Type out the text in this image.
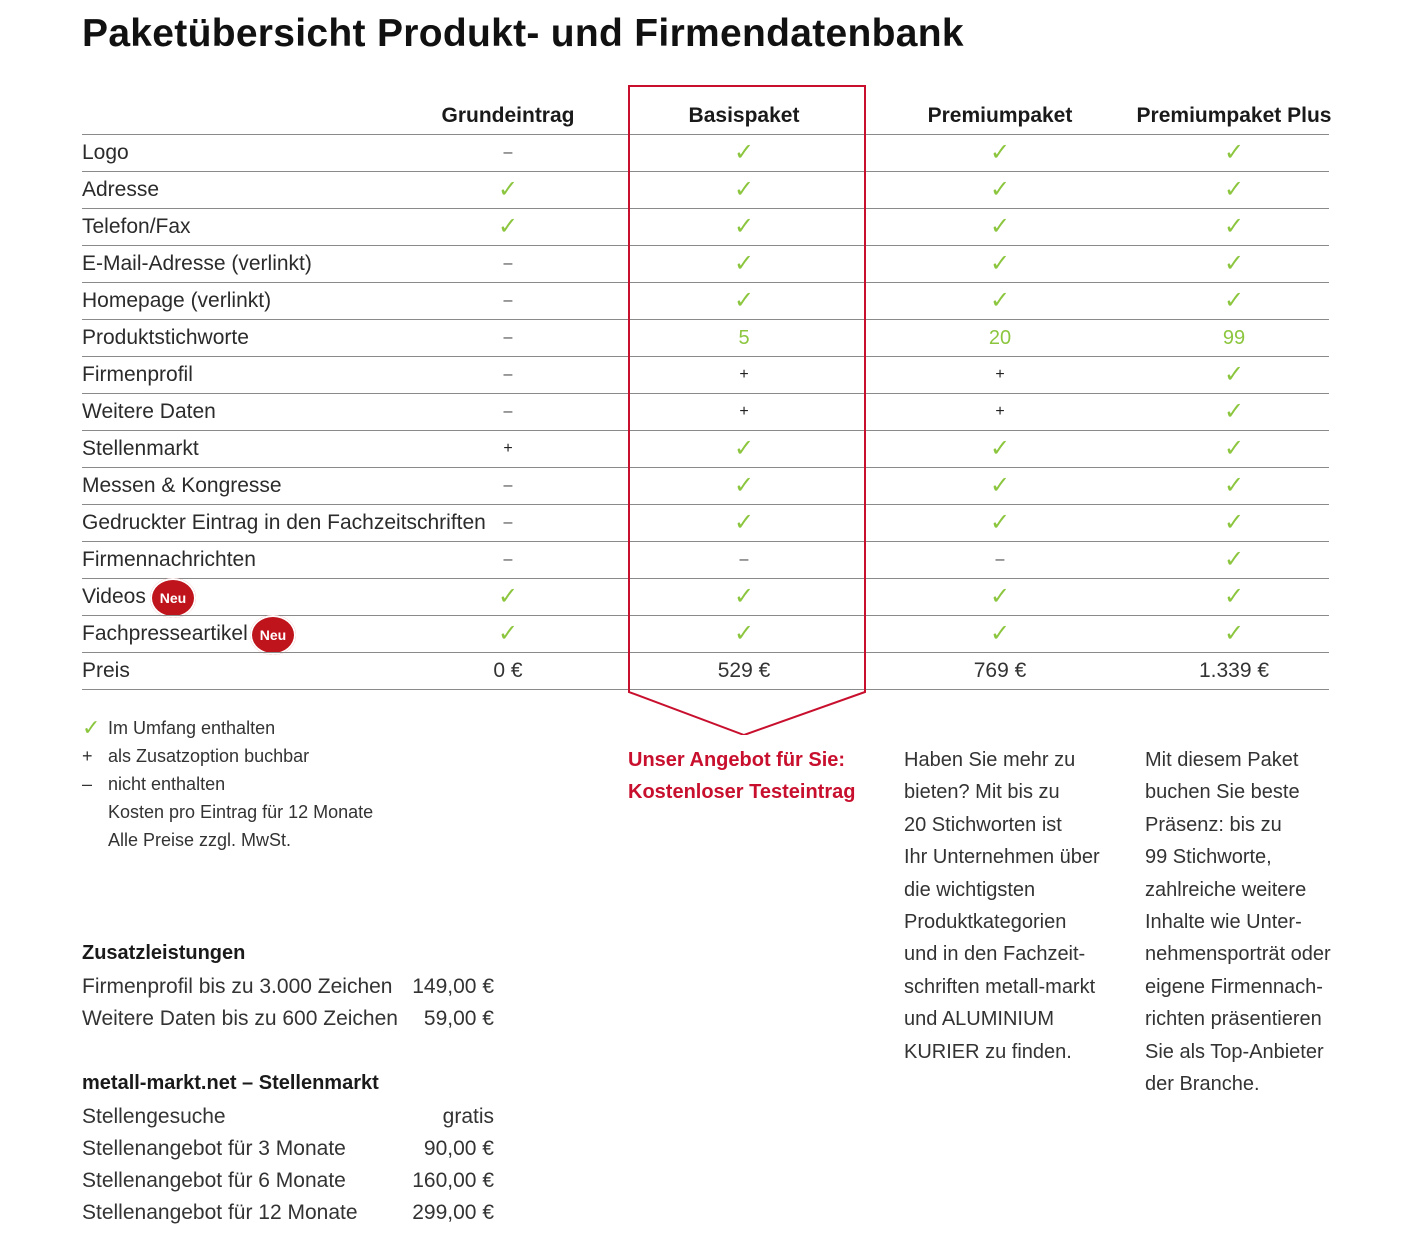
Paketübersicht Produkt- und Firmendatenbank
Grundeintrag	Basispaket	Premiumpaket	Premiumpaket Plus
Logo	–	✓	✓	✓
Adresse	✓	✓	✓	✓
Telefon/Fax	✓	✓	✓	✓
E-Mail-Adresse (verlinkt)	–	✓	✓	✓
Homepage (verlinkt)	–	✓	✓	✓
Produktstichworte	–	5	20	99
Firmenprofil	–	+	+	✓
Weitere Daten	–	+	+	✓
Stellenmarkt	+	✓	✓	✓
Messen & Kongresse	–	✓	✓	✓
Gedruckter Eintrag in den Fachzeitschriften	–	✓	✓	✓
Firmennachrichten	–	–	–	✓
Videos Neu	✓	✓	✓	✓
Fachpresseartikel Neu	✓	✓	✓	✓
Preis	0 €	529 €	769 €	1.339 €
✓ Im Umfang enthalten
+ als Zusatzoption buchbar
– nicht enthalten
Kosten pro Eintrag für 12 Monate
Alle Preise zzgl. MwSt.
Unser Angebot für Sie:
Kostenloser Testeintrag
Haben Sie mehr zu
bieten? Mit bis zu
20 Stichworten ist
Ihr Unternehmen über
die wichtigsten
Produktkategorien
und in den Fachzeit-
schriften metall-markt
und ALUMINIUM
KURIER zu finden.
Mit diesem Paket
buchen Sie beste
Präsenz: bis zu
99 Stichworte,
zahlreiche weitere
Inhalte wie Unter-
nehmensporträt oder
eigene Firmennach-
richten präsentieren
Sie als Top-Anbieter
der Branche.
Zusatzleistungen
Firmenprofil bis zu 3.000 Zeichen 149,00 €
Weitere Daten bis zu 600 Zeichen 59,00 €
metall-markt.net – Stellenmarkt
Stellengesuche	gratis
Stellenangebot für 3 Monate	90,00 €
Stellenangebot für 6 Monate	160,00 €
Stellenangebot für 12 Monate	299,00 €
